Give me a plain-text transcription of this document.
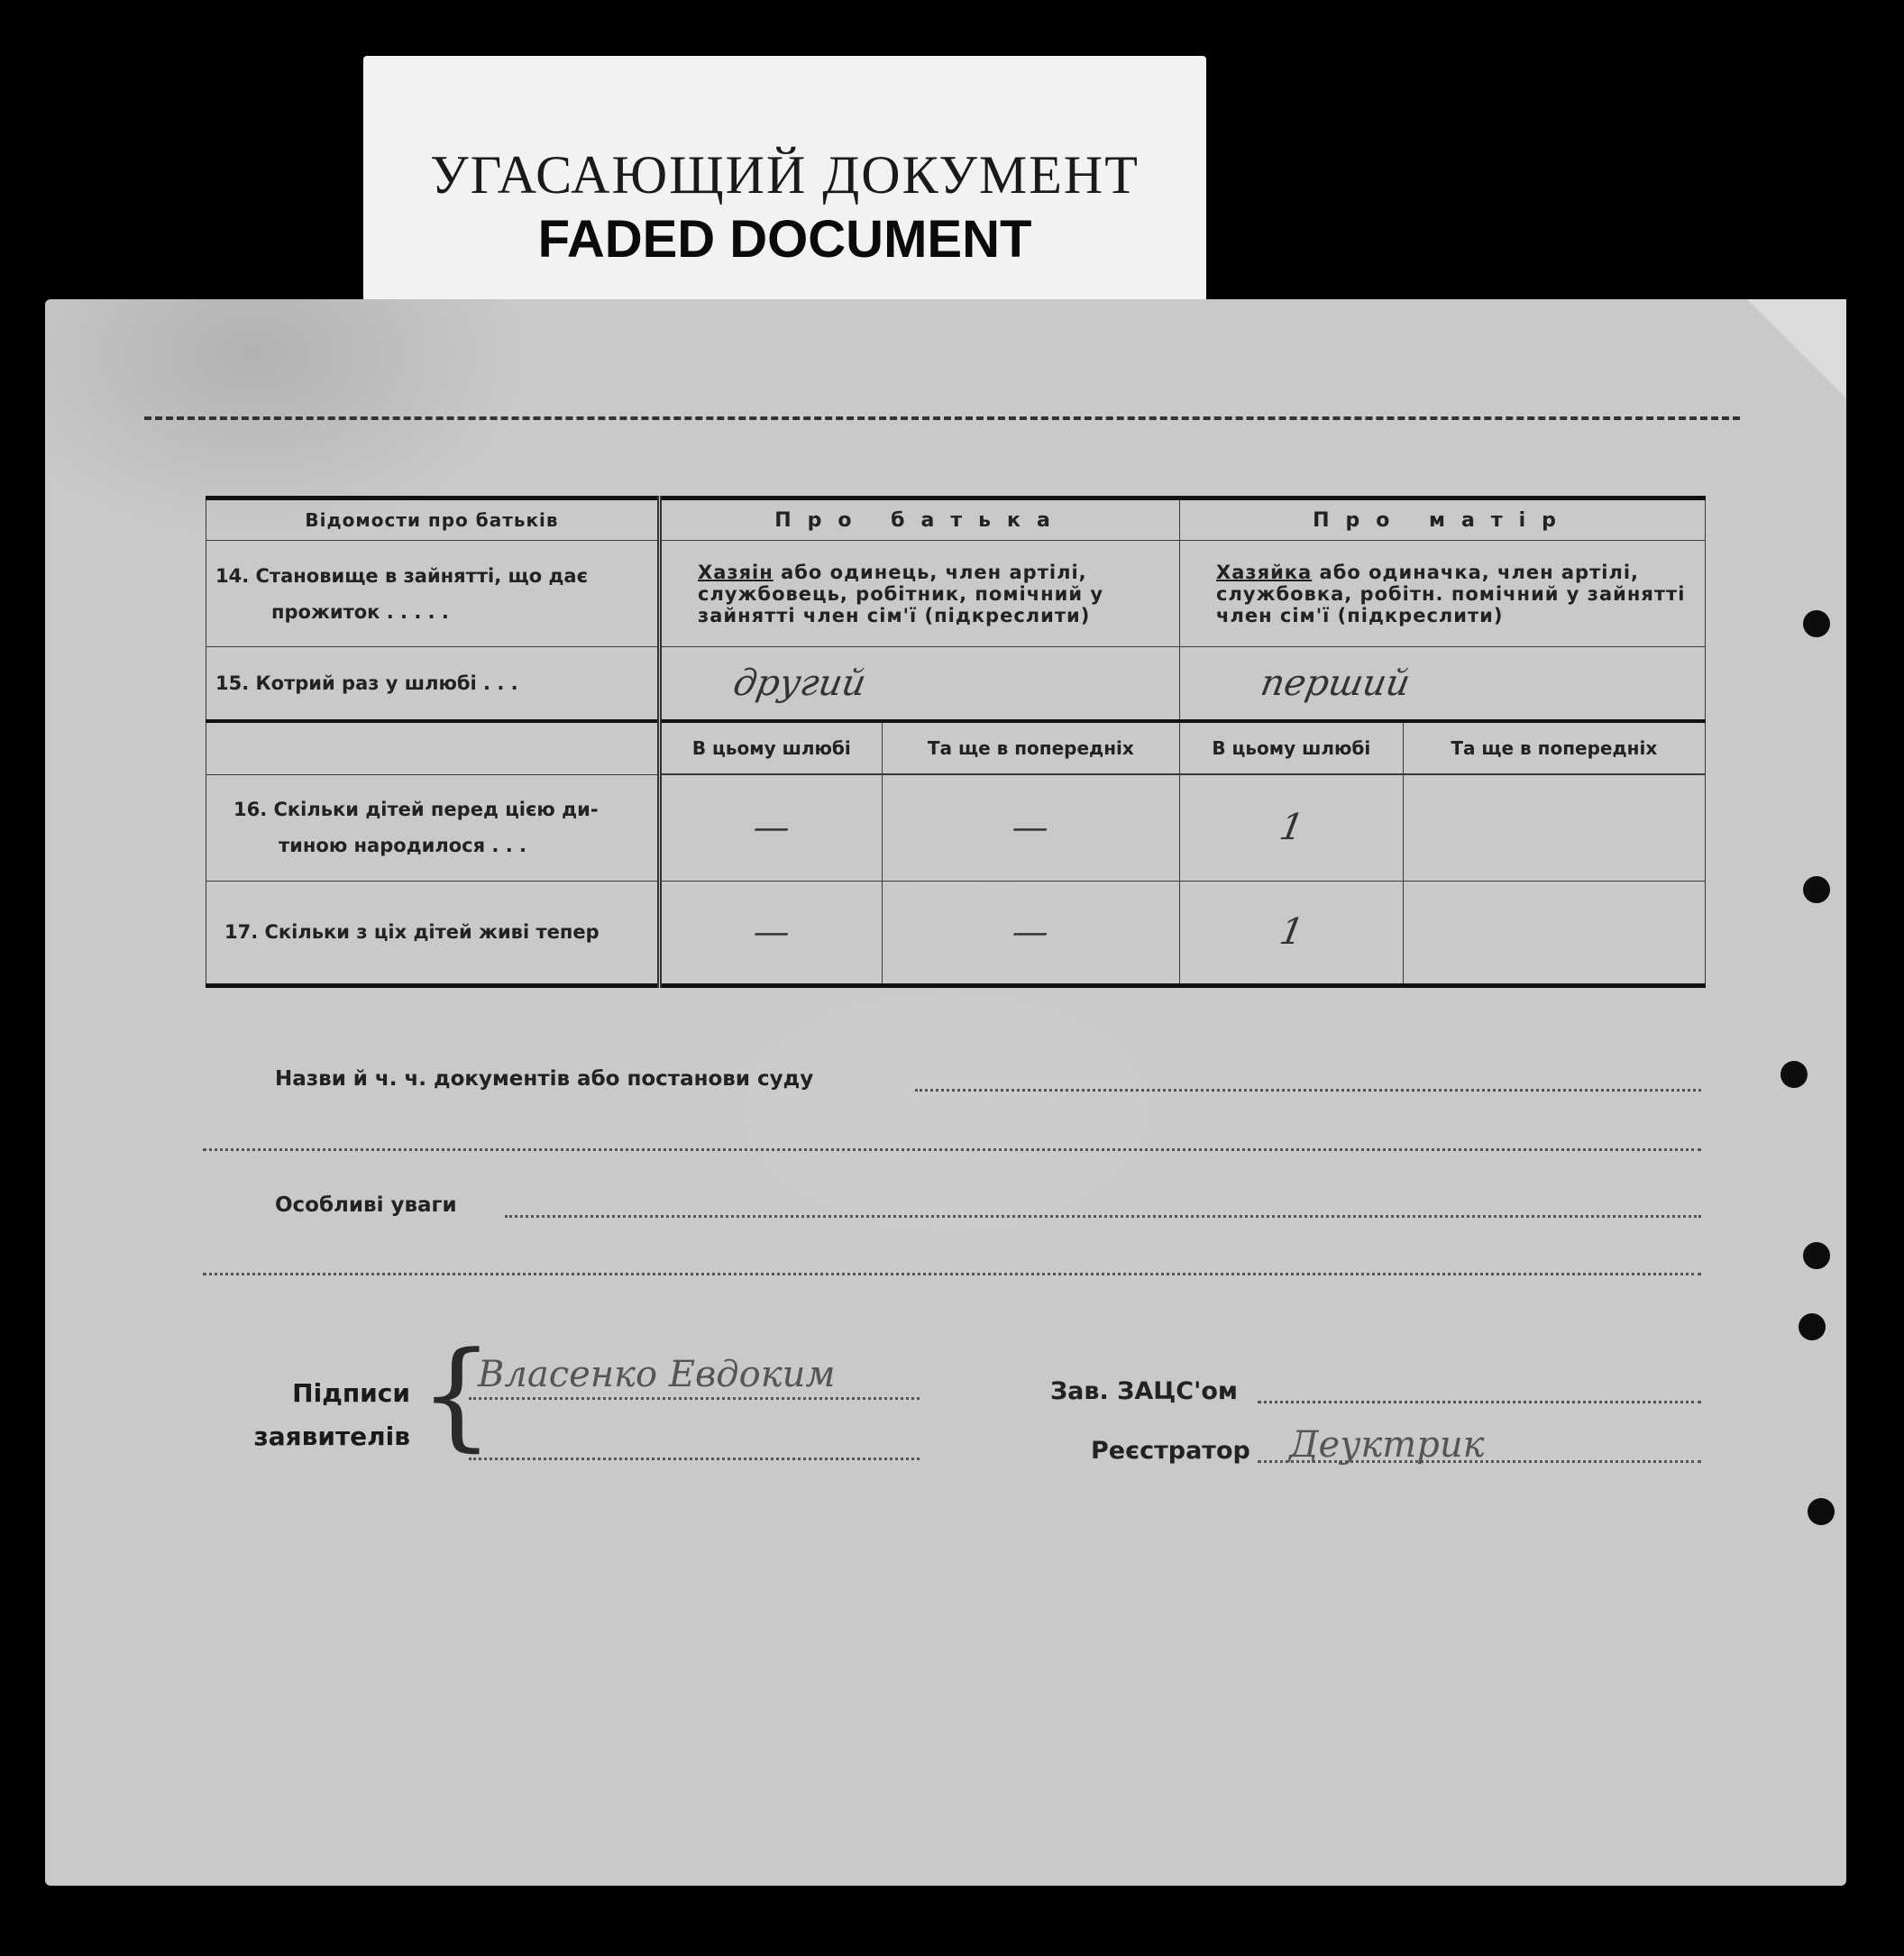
УГАСАЮЩИЙ ДОКУМЕНТ
FADED DOCUMENT
Відомости про батьків	Про батька		Про матір	

14. Становище в зайнятті, що дає
прожиток . . . . .	Хазяін або одинець, член артілі, службовець, робітник, помічний у зайнятті член сім'ї (підкреслити)		Хазяйка або одиначка, член артілі, службовка, робітн. помічний у зайнятті член сім'ї (підкреслити)	
15. Котрий раз у шлюбі . . .	другий		перший	
	В цьому шлюбі	Та ще в попередніх	В цьому шлюбі	Та ще в попередніх

16. Скільки дітей перед цією ди-
тиною народилося . . .	—	—	1	
17. Скільки з ціх дітей живі тепер	—	—	1	
Назви й ч. ч. документів або постанови суду
Особливі уваги
Підписи
заявителів {
Власенко Евдоким	Зав. ЗАЦС'ом
Реєстратор Деуктрик
